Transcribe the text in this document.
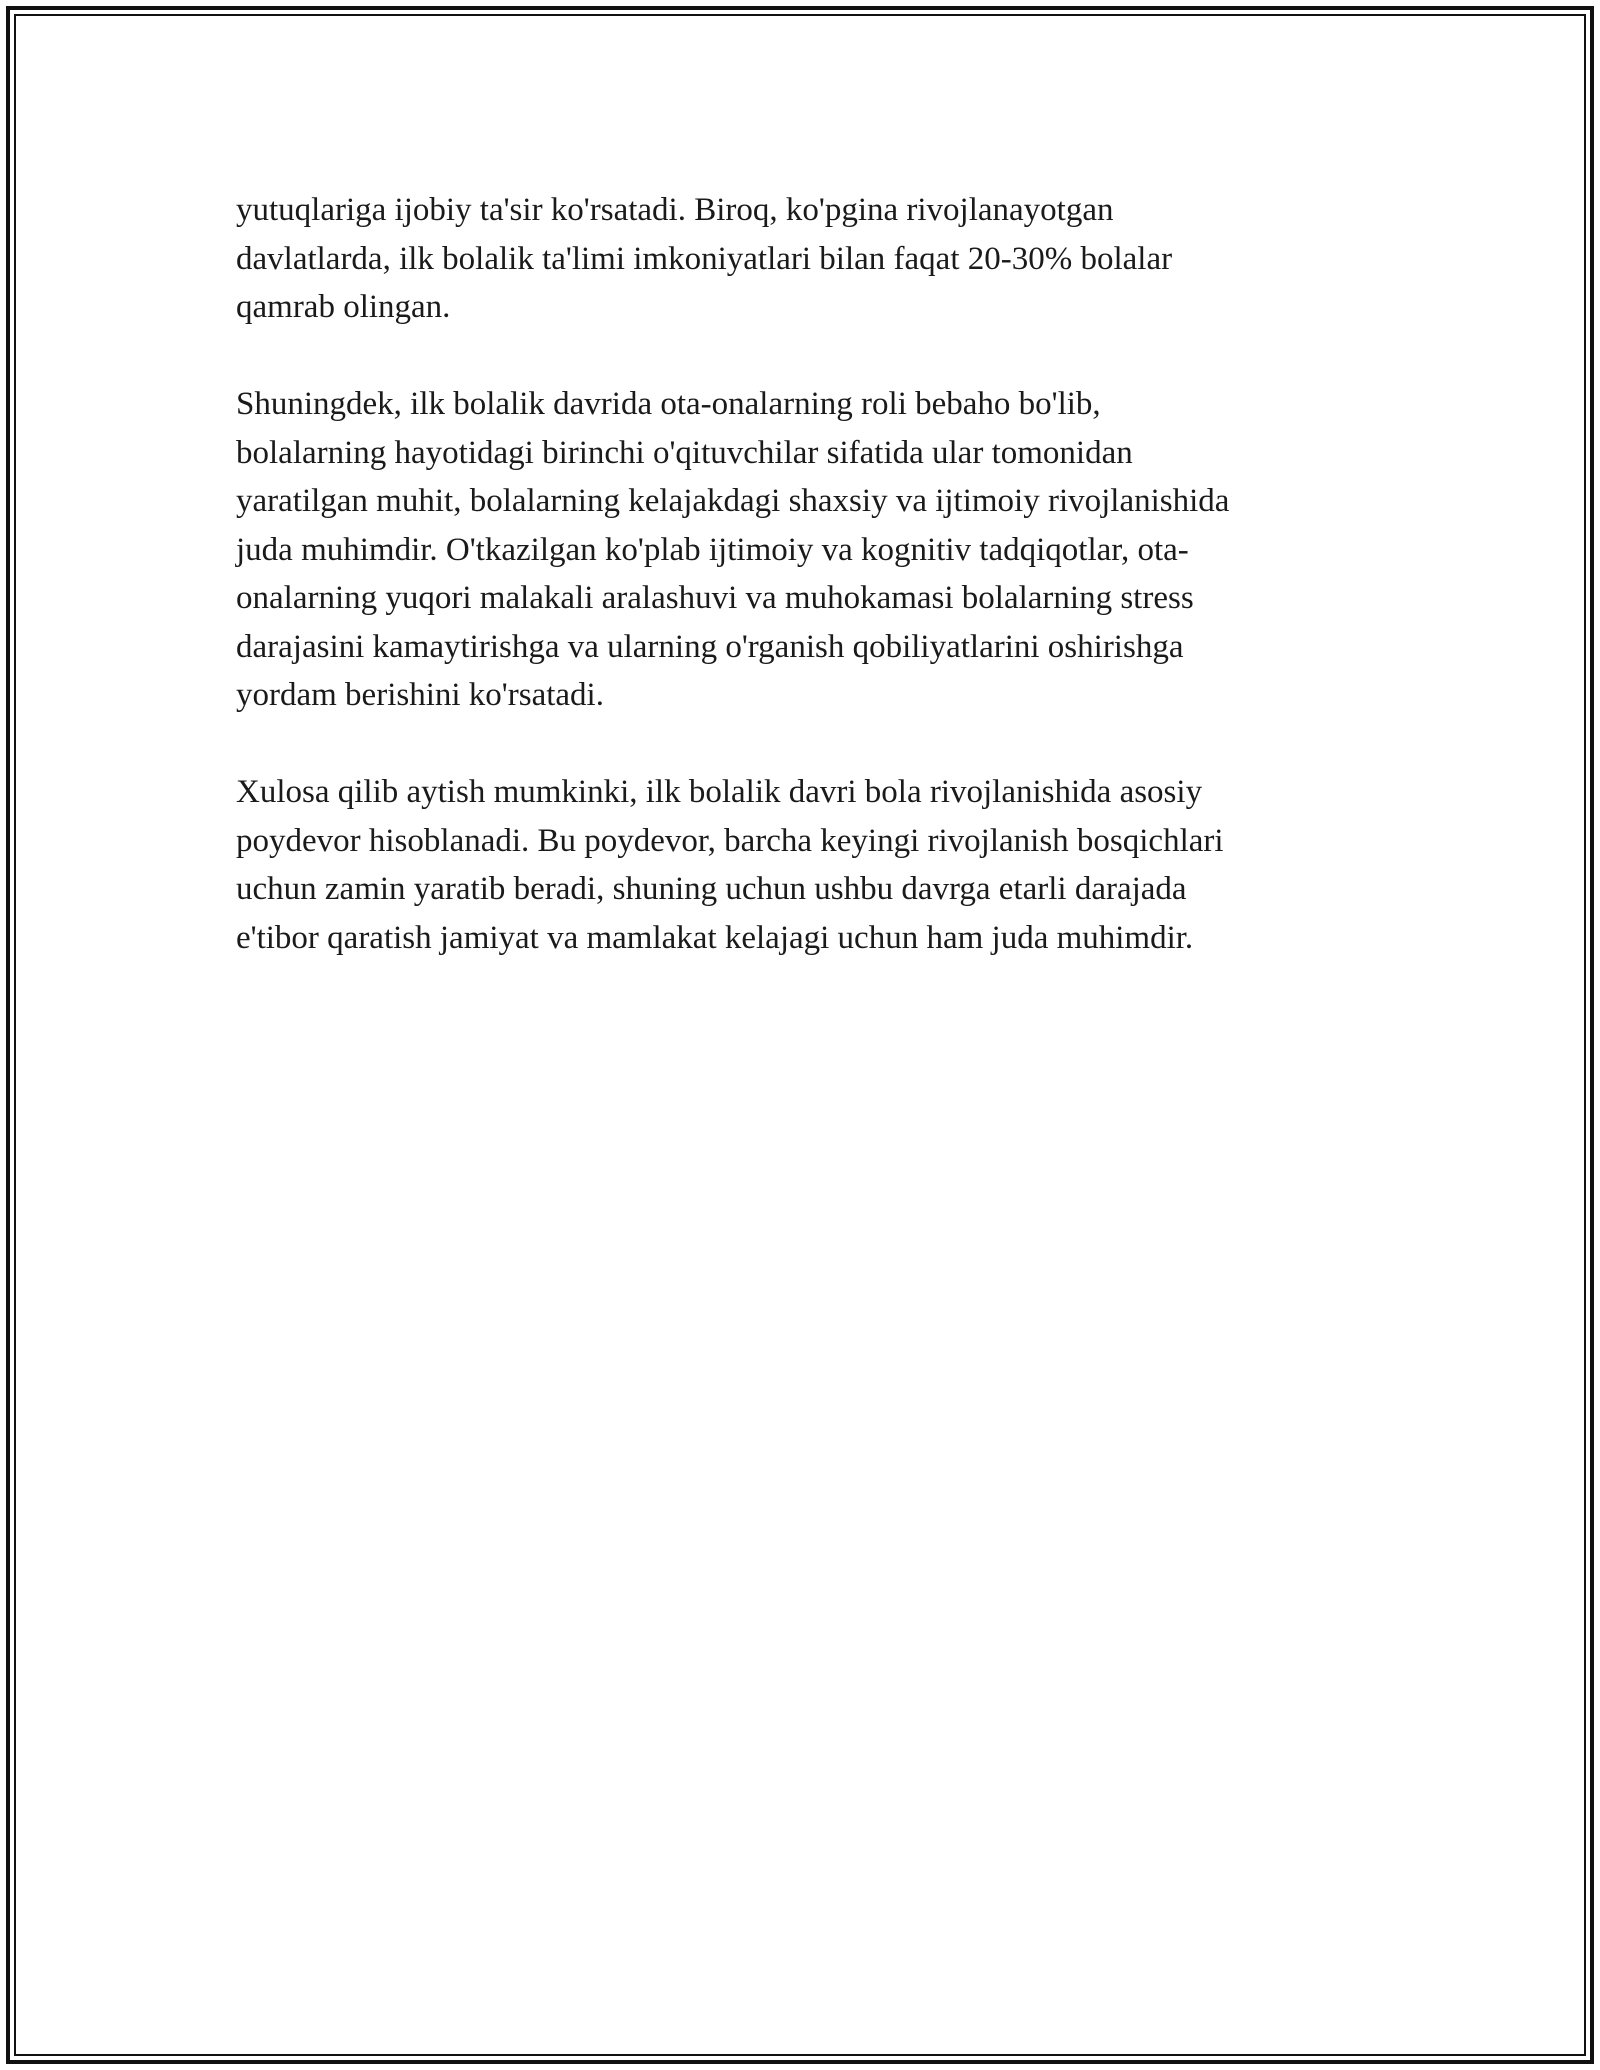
yutuqlariga ijobiy ta'sir ko'rsatadi. Biroq, ko'pgina rivojlanayotgan
davlatlarda, ilk bolalik ta'limi imkoniyatlari bilan faqat 20-30% bolalar
qamrab olingan.

Shuningdek, ilk bolalik davrida ota-onalarning roli bebaho bo'lib,
bolalarning hayotidagi birinchi o'qituvchilar sifatida ular tomonidan
yaratilgan muhit, bolalarning kelajakdagi shaxsiy va ijtimoiy rivojlanishida
juda muhimdir. O'tkazilgan ko'plab ijtimoiy va kognitiv tadqiqotlar, ota-
onalarning yuqori malakali aralashuvi va muhokamasi bolalarning stress
darajasini kamaytirishga va ularning o'rganish qobiliyatlarini oshirishga
yordam berishini ko'rsatadi.

Xulosa qilib aytish mumkinki, ilk bolalik davri bola rivojlanishida asosiy
poydevor hisoblanadi. Bu poydevor, barcha keyingi rivojlanish bosqichlari
uchun zamin yaratib beradi, shuning uchun ushbu davrga etarli darajada
e'tibor qaratish jamiyat va mamlakat kelajagi uchun ham juda muhimdir.
